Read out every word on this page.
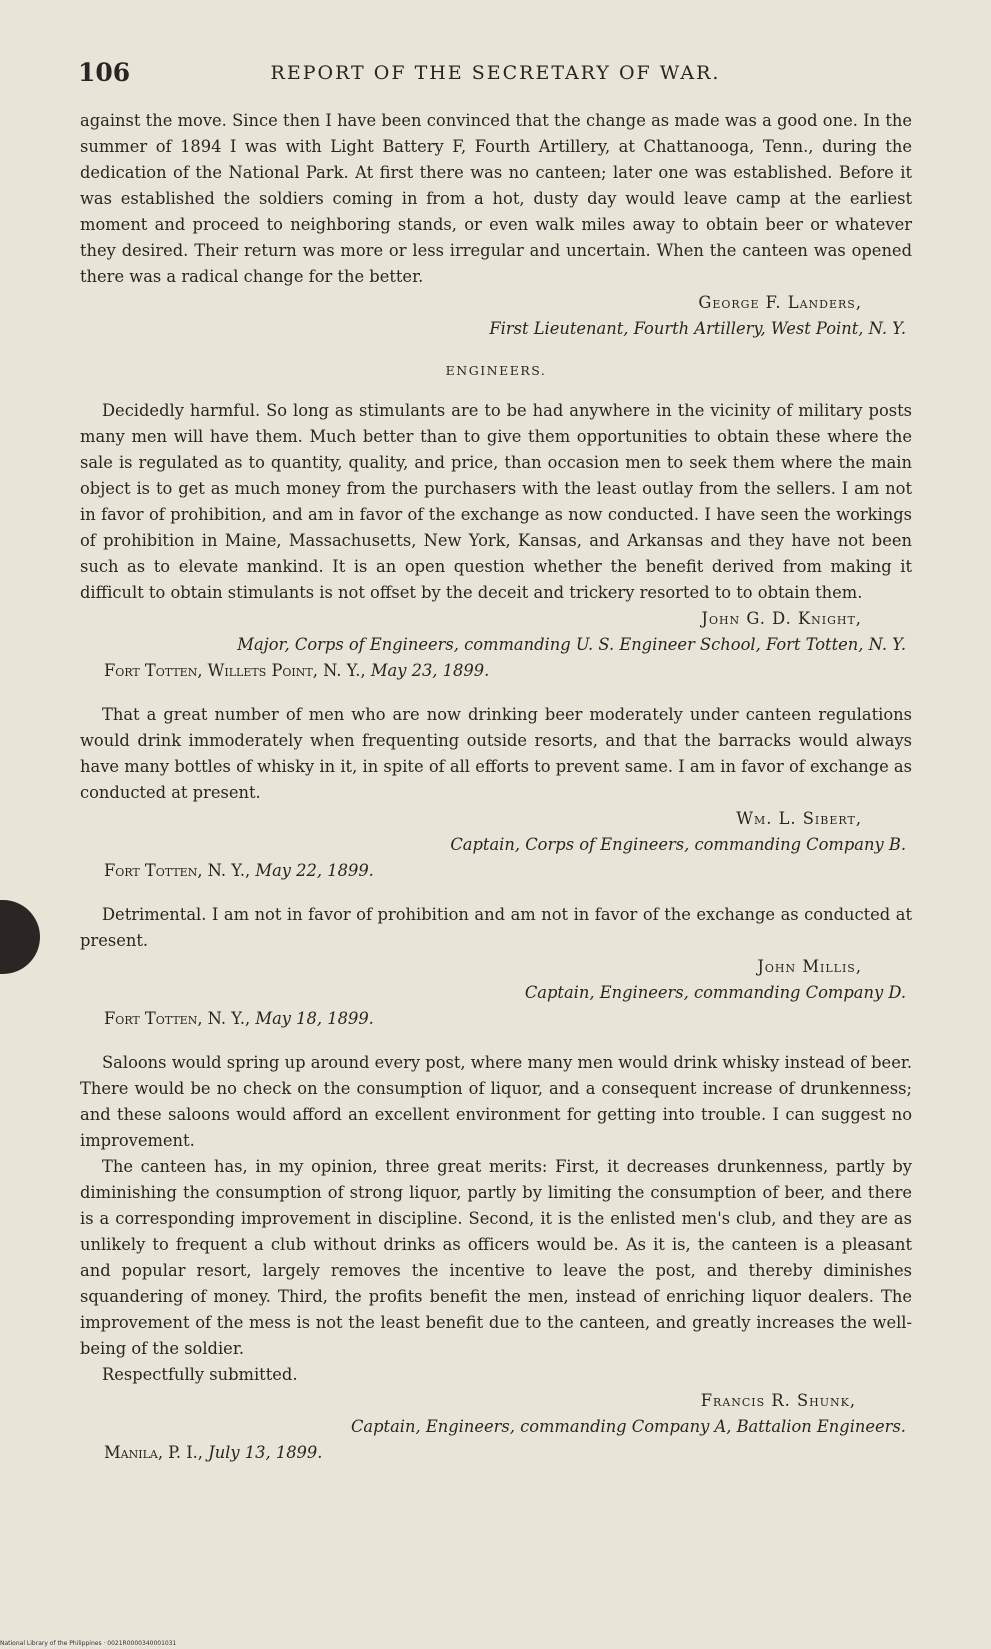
106	REPORT OF THE SECRETARY OF WAR.

against the move. Since then I have been convinced that the change as made was a good one. In the summer of 1894 I was with Light Battery F, Fourth Artillery, at Chattanooga, Tenn., during the dedication of the National Park. At first there was no canteen; later one was established. Before it was established the soldiers coming in from a hot, dusty day would leave camp at the earliest moment and proceed to neighboring stands, or even walk miles away to obtain beer or whatever they desired. Their return was more or less irregular and uncertain. When the canteen was opened there was a radical change for the better.

George F. Landers,
First Lieutenant, Fourth Artillery, West Point, N. Y.
ENGINEERS.

Decidedly harmful. So long as stimulants are to be had anywhere in the vicinity of military posts many men will have them. Much better than to give them opportunities to obtain these where the sale is regulated as to quantity, quality, and price, than occasion men to seek them where the main object is to get as much money from the purchasers with the least outlay from the sellers. I am not in favor of prohibition, and am in favor of the exchange as now conducted. I have seen the workings of prohibition in Maine, Massachusetts, New York, Kansas, and Arkansas and they have not been such as to elevate mankind. It is an open question whether the benefit derived from making it difficult to obtain stimulants is not offset by the deceit and trickery resorted to to obtain them.

John G. D. Knight,
Major, Corps of Engineers, commanding U. S. Engineer School, Fort Totten, N. Y.
Fort Totten, Willets Point, N. Y., May 23, 1899.

That a great number of men who are now drinking beer moderately under canteen regulations would drink immoderately when frequenting outside resorts, and that the barracks would always have many bottles of whisky in it, in spite of all efforts to prevent same. I am in favor of exchange as conducted at present.

Wm. L. Sibert,
Captain, Corps of Engineers, commanding Company B.
Fort Totten, N. Y., May 22, 1899.

Detrimental. I am not in favor of prohibition and am not in favor of the exchange as conducted at present.

John Millis,
Captain, Engineers, commanding Company D.
Fort Totten, N. Y., May 18, 1899.

Saloons would spring up around every post, where many men would drink whisky instead of beer. There would be no check on the consumption of liquor, and a consequent increase of drunkenness; and these saloons would afford an excellent environment for getting into trouble. I can suggest no improvement.

The canteen has, in my opinion, three great merits: First, it decreases drunkenness, partly by diminishing the consumption of strong liquor, partly by limiting the consumption of beer, and there is a corresponding improvement in discipline. Second, it is the enlisted men's club, and they are as unlikely to frequent a club without drinks as officers would be. As it is, the canteen is a pleasant and popular resort, largely removes the incentive to leave the post, and thereby diminishes squandering of money. Third, the profits benefit the men, instead of enriching liquor dealers. The improvement of the mess is not the least benefit due to the canteen, and greatly increases the well-being of the soldier.

Respectfully submitted.

Francis R. Shunk,
Captain, Engineers, commanding Company A, Battalion Engineers.
Manila, P. I., July 13, 1899.
National Library of the Philippines · 0021R0000340001031
